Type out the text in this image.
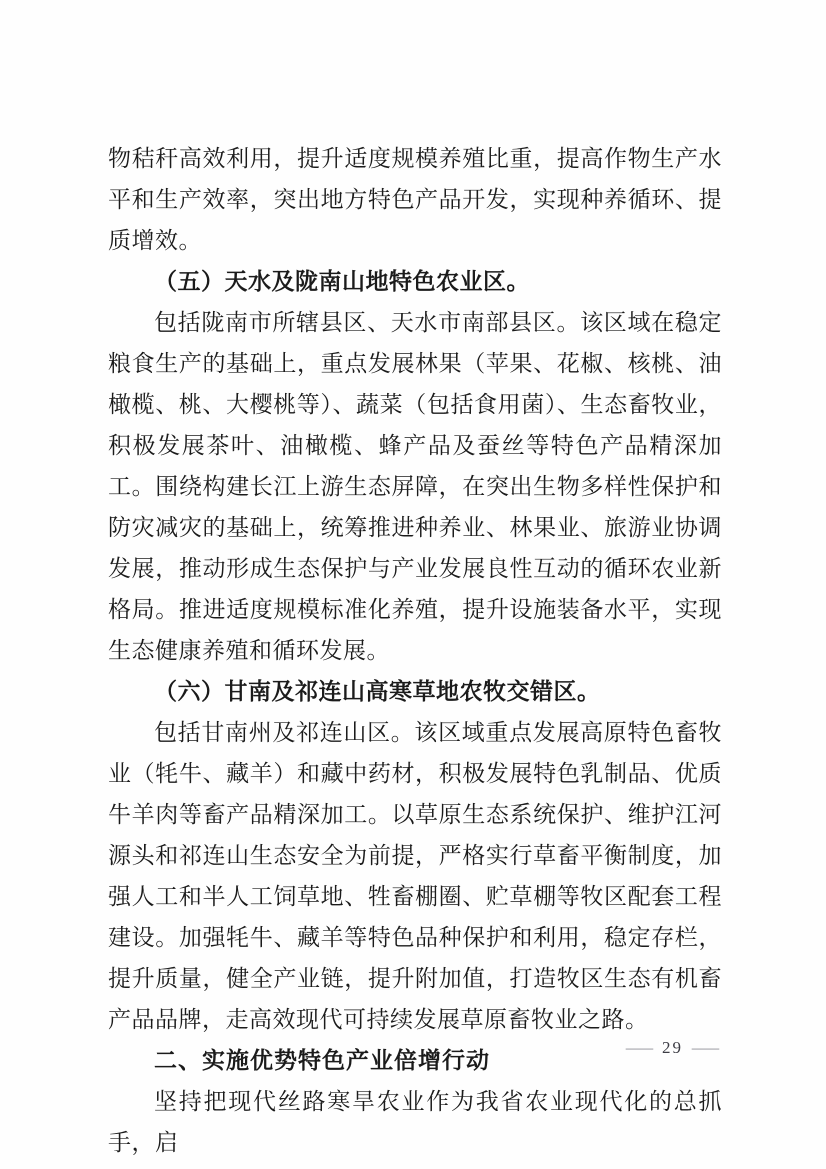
物秸秆高效利用，提升适度规模养殖比重，提高作物生产水平和生产效率，突出地方特色产品开发，实现种养循环、提质增效。

（五）天水及陇南山地特色农业区。

包括陇南市所辖县区、天水市南部县区。该区域在稳定粮食生产的基础上，重点发展林果（苹果、花椒、核桃、油橄榄、桃、大樱桃等）、蔬菜（包括食用菌）、生态畜牧业，积极发展茶叶、油橄榄、蜂产品及蚕丝等特色产品精深加工。围绕构建长江上游生态屏障，在突出生物多样性保护和防灾减灾的基础上，统筹推进种养业、林果业、旅游业协调发展，推动形成生态保护与产业发展良性互动的循环农业新格局。推进适度规模标准化养殖，提升设施装备水平，实现生态健康养殖和循环发展。

（六）甘南及祁连山高寒草地农牧交错区。

包括甘南州及祁连山区。该区域重点发展高原特色畜牧业（牦牛、藏羊）和藏中药材，积极发展特色乳制品、优质牛羊肉等畜产品精深加工。以草原生态系统保护、维护江河源头和祁连山生态安全为前提，严格实行草畜平衡制度，加强人工和半人工饲草地、牲畜棚圈、贮草棚等牧区配套工程建设。加强牦牛、藏羊等特色品种保护和利用，稳定存栏，提升质量，健全产业链，提升附加值，打造牧区生态有机畜产品品牌，走高效现代可持续发展草原畜牧业之路。

二、实施优势特色产业倍增行动

坚持把现代丝路寒旱农业作为我省农业现代化的总抓手，启

— 29 —
